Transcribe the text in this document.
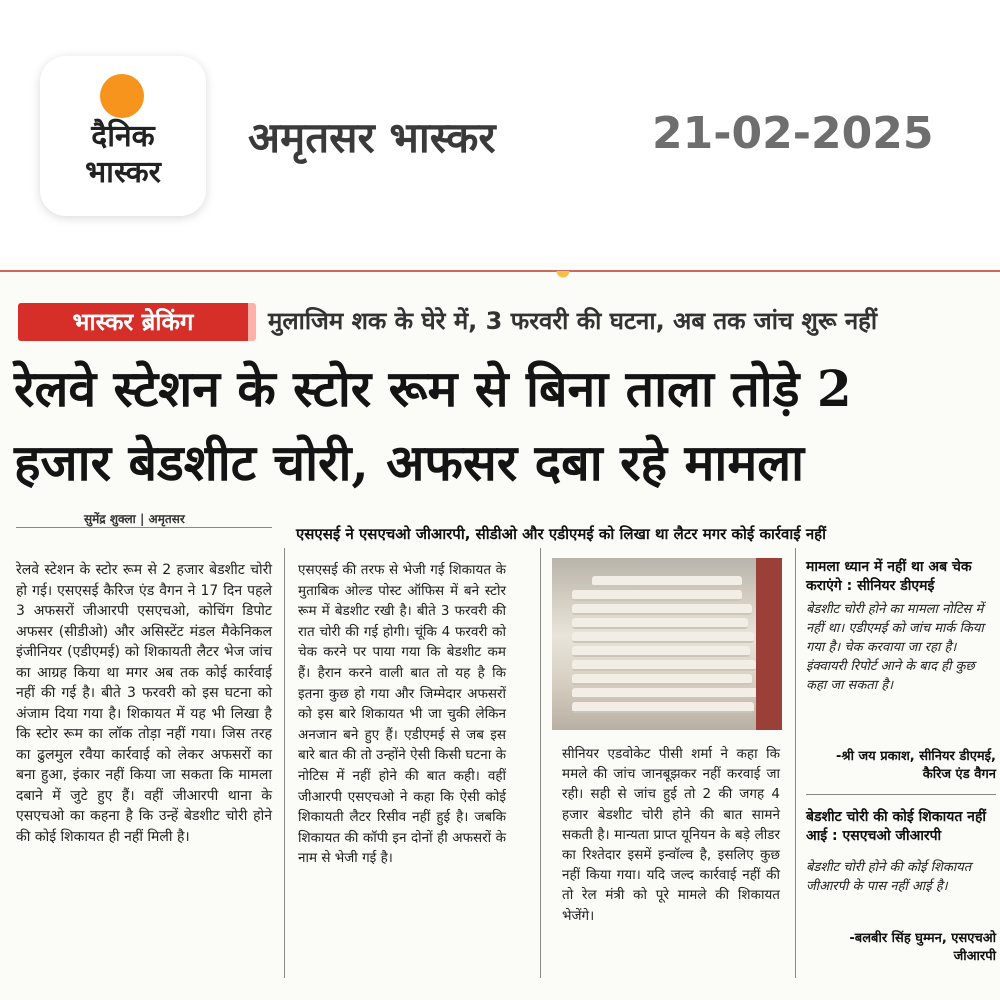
दैनिक
भास्कर
अमृतसर भास्कर	21-02-2025
भास्कर ब्रेकिंग	मुलाजिम शक के घेरे में, 3 फरवरी की घटना, अब तक जांच शुरू नहीं
रेलवे स्टेशन के स्टोर रूम से बिना ताला तोड़े 2
हजार बेडशीट चोरी, अफसर दबा रहे मामला
सुमेंद्र शुक्ला | अमृतसर
एसएसई ने एसएचओ जीआरपी, सीडीओ और एडीएमई को लिखा था लैटर मगर कोई कार्रवाई नहीं
रेलवे स्टेशन के स्टोर रूम से 2 हजार बेडशीट चोरी हो गई। एसएसई कैरिज एंड वैगन ने 17 दिन पहले 3 अफसरों जीआरपी एसएचओ, कोचिंग डिपोट अफसर (सीडीओ) और असिस्टेंट मंडल मैकेनिकल इंजीनियर (एडीएमई) को शिकायती लैटर भेज जांच का आग्रह किया था मगर अब तक कोई कार्रवाई नहीं की गई है। बीते 3 फरवरी को इस घटना को अंजाम दिया गया है। शिकायत में यह भी लिखा है कि स्टोर रूम का लॉक तोड़ा नहीं गया। जिस तरह का ढुलमुल रवैया कार्रवाई को लेकर अफसरों का बना हुआ, इंकार नहीं किया जा सकता कि मामला दबाने में जुटे हुए हैं। वहीं जीआरपी थाना के एसएचओ का कहना है कि उन्हें बेडशीट चोरी होने की कोई शिकायत ही नहीं मिली है।
एसएसई की तरफ से भेजी गई शिकायत के मुताबिक ओल्ड पोस्ट ऑफिस में बने स्टोर रूम में बेडशीट रखी है। बीते 3 फरवरी की रात चोरी की गई होगी। चूंकि 4 फरवरी को चेक करने पर पाया गया कि बेडशीट कम हैं। हैरान करने वाली बात तो यह है कि इतना कुछ हो गया और जिम्मेदार अफसरों को इस बारे शिकायत भी जा चुकी लेकिन अनजान बने हुए हैं। एडीएमई से जब इस बारे बात की तो उन्होंने ऐसी किसी घटना के नोटिस में नहीं होने की बात कही। वहीं जीआरपी एसएचओ ने कहा कि ऐसी कोई शिकायती लैटर रिसीव नहीं हुई है। जबकि शिकायत की कॉपी इन दोनों ही अफसरों के नाम से भेजी गई है।
सीनियर एडवोकेट पीसी शर्मा ने कहा कि ममले की जांच जानबूझकर नहीं करवाई जा रही। सही से जांच हुई तो 2 की जगह 4 हजार बेडशीट चोरी होने की बात सामने सकती है। मान्यता प्राप्त यूनियन के बड़े लीडर का रिश्तेदार इसमें इन्वॉल्व है, इसलिए कुछ नहीं किया गया। यदि जल्द कार्रवाई नहीं की तो रेल मंत्री को पूरे मामले की शिकायत भेजेंगे।
मामला ध्यान में नहीं था अब चेक कराएंगे : सीनियर डीएमई
बेडशीट चोरी होने का मामला नोटिस में नहीं था। एडीएमई को जांच मार्क किया गया है। चेक करवाया जा रहा है। इंक्वायरी रिपोर्ट आने के बाद ही कुछ कहा जा सकता है।
-श्री जय प्रकाश, सीनियर डीएमई, कैरिज एंड वैगन
बेडशीट चोरी की कोई शिकायत नहीं आई : एसएचओ जीआरपी
बेडशीट चोरी होने की कोई शिकायत जीआरपी के पास नहीं आई है।
-बलबीर सिंह घुम्मन, एसएचओ जीआरपी
